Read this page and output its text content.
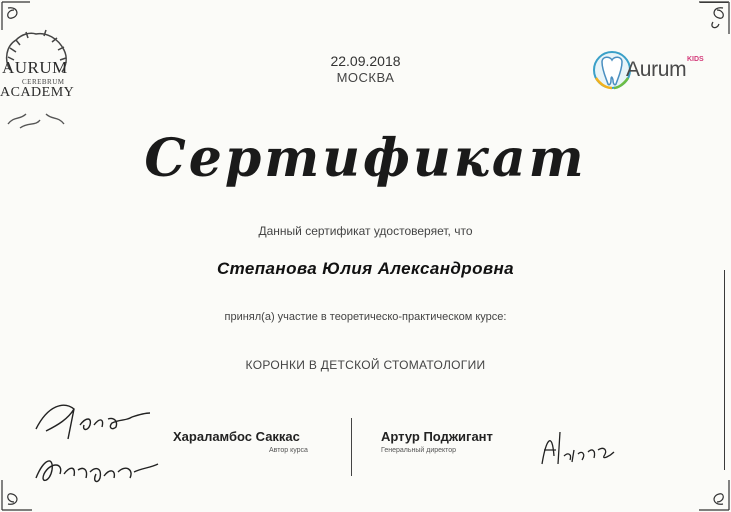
AURUM
CEREBRUM
ACADEMY
22.09.2018
МОСКВА
KIDS
Aurum
Сертификат
Данный сертификат удостоверяет, что
Степанова Юлия Александровна
принял(а) участие в теоретическо-практическом курсе:
КОРОНКИ В ДЕТСКОЙ СТОМАТОЛОГИИ
Хараламбос Саккас
Автор курса
Артур Поджигант
Генеральный директор
